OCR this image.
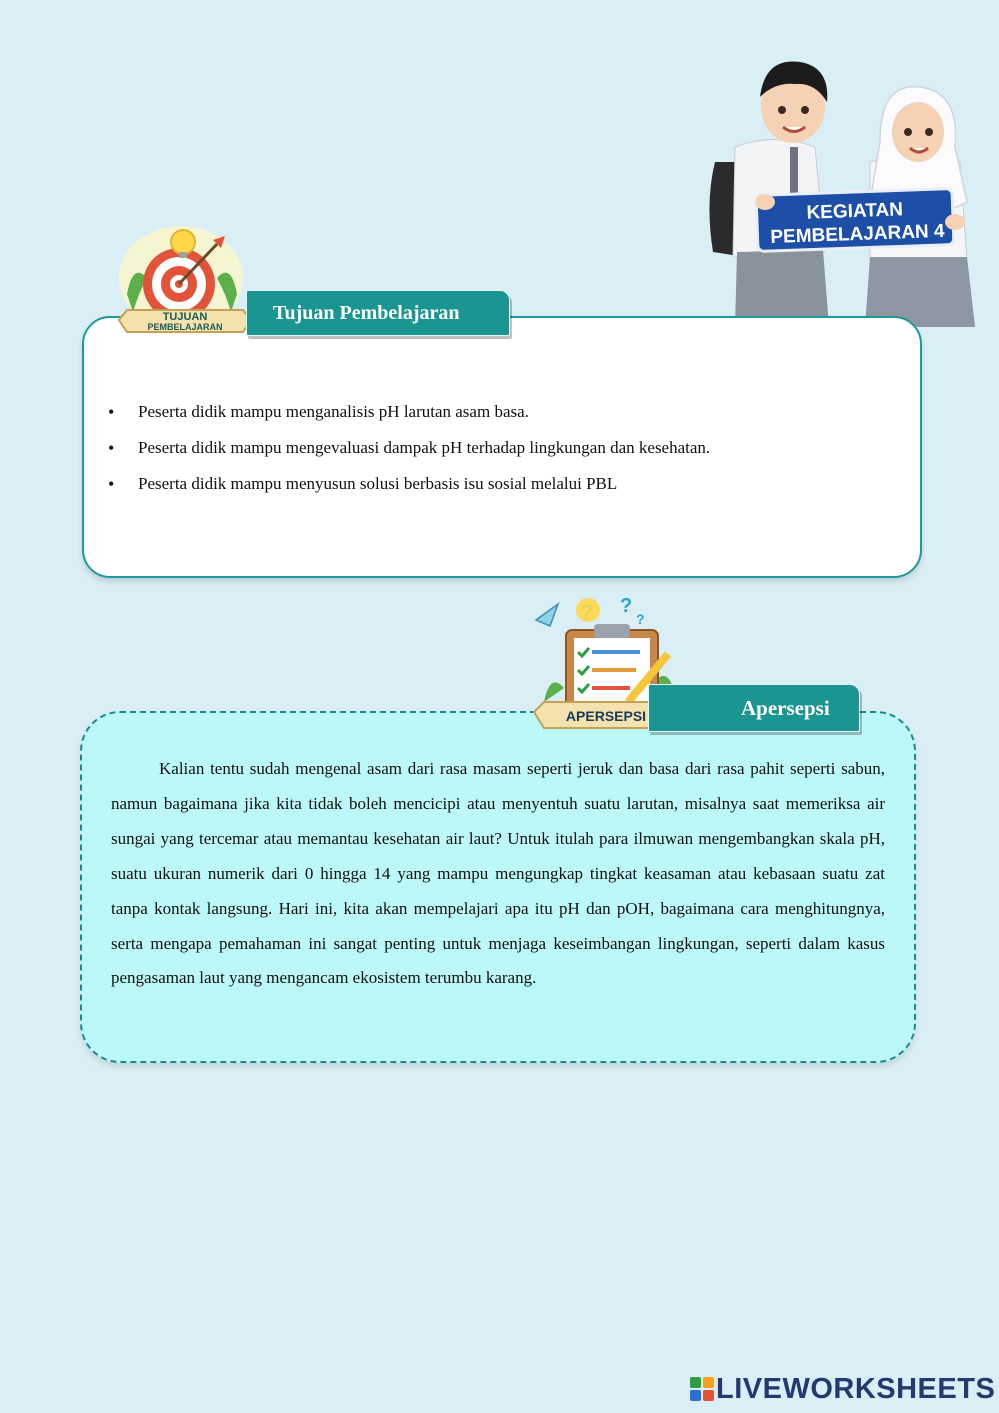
KEGIATAN
PEMBELAJARAN 4
TUJUAN
PEMBELAJARAN
Tujuan Pembelajaran
• Peserta didik mampu menganalisis pH larutan asam basa.
• Peserta didik mampu mengevaluasi dampak pH terhadap lingkungan dan kesehatan.
• Peserta didik mampu menyusun solusi berbasis isu sosial melalui PBL
?
?
APERSEPSI	Apersepsi

Kalian tentu sudah mengenal asam dari rasa masam seperti jeruk dan basa dari rasa pahit seperti sabun, namun bagaimana jika kita tidak boleh mencicipi atau menyentuh suatu larutan, misalnya saat memeriksa air sungai yang tercemar atau memantau kesehatan air laut? Untuk itulah para ilmuwan mengembangkan skala pH, suatu ukuran numerik dari 0 hingga 14 yang mampu mengungkap tingkat keasaman atau kebasaan suatu zat tanpa kontak langsung. Hari ini, kita akan mempelajari apa itu pH dan pOH, bagaimana cara menghitungnya, serta mengapa pemahaman ini sangat penting untuk menjaga keseimbangan lingkungan, seperti dalam kasus pengasaman laut yang mengancam ekosistem terumbu karang.

LIVEWORKSHEETS
